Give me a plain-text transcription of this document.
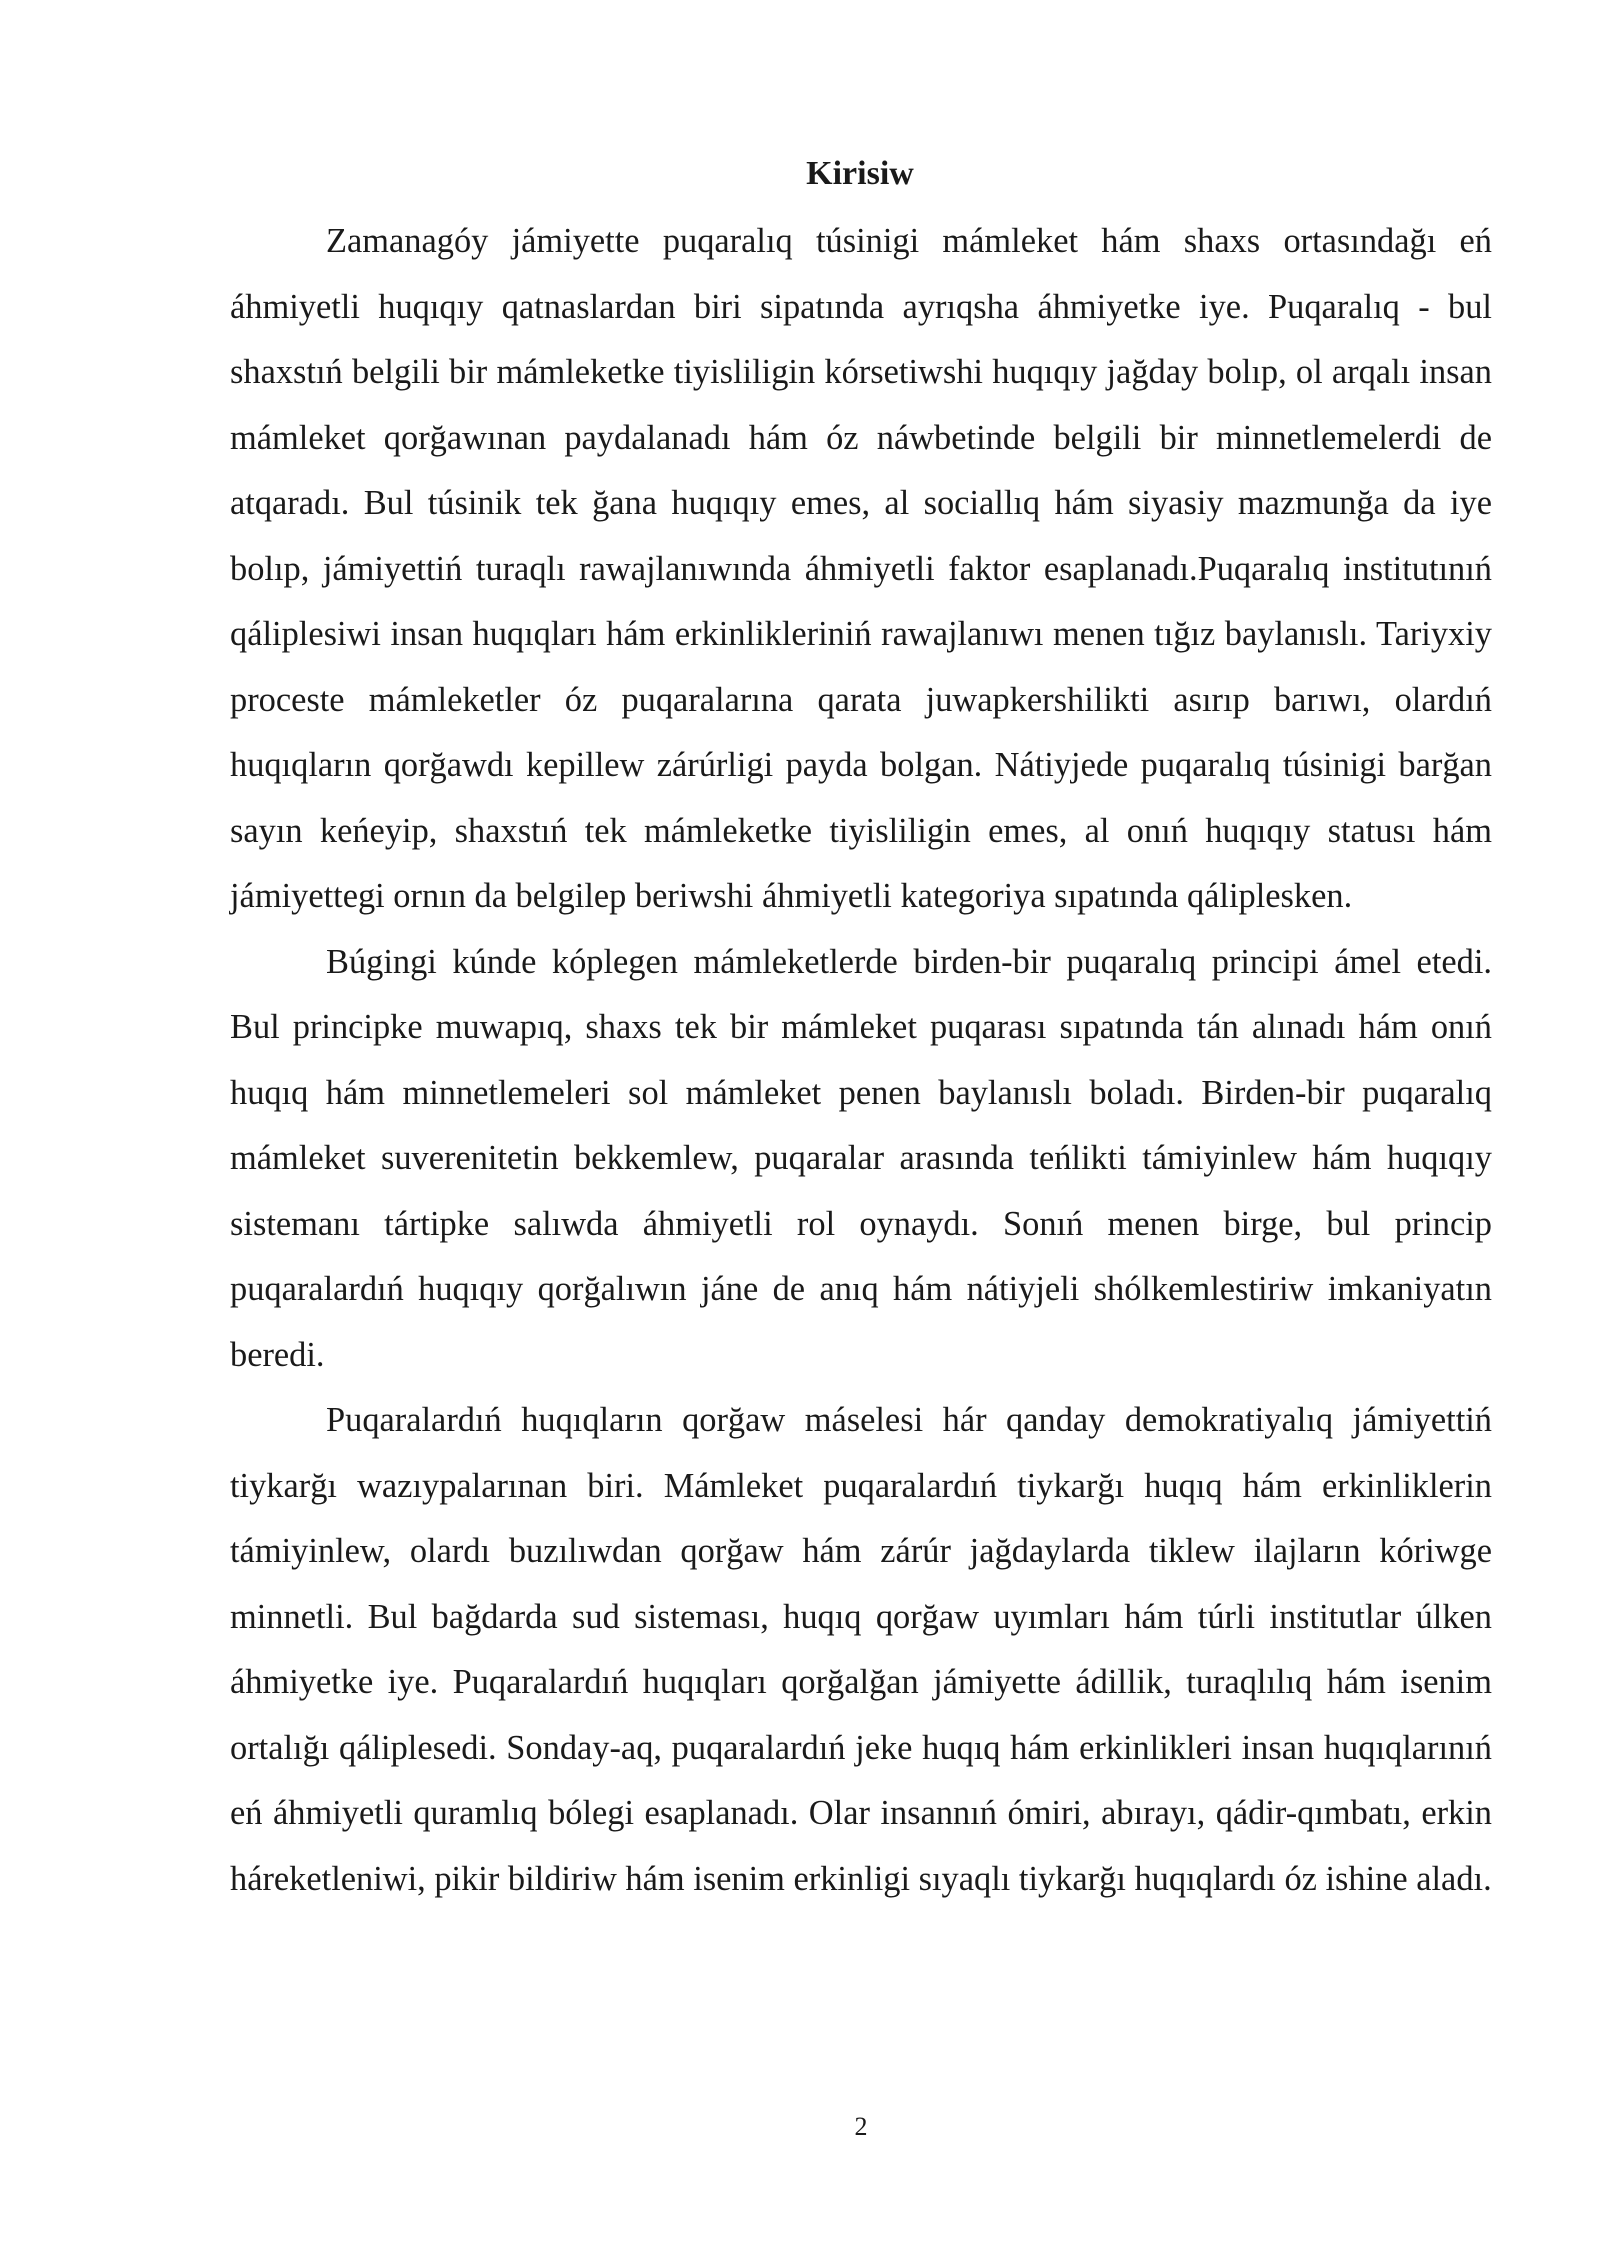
Kirisiw

Zamanagóy jámiyette puqaralıq túsinigi mámleket hám shaxs ortasındağı eń áhmiyetli huqıqıy qatnaslardan biri sipatında ayrıqsha áhmiyetke iye. Puqaralıq - bul shaxstıń belgili bir mámleketke tiyisliligin kórsetiwshi huqıqıy jağday bolıp, ol arqalı insan mámleket qorğawınan paydalanadı hám óz náwbetinde belgili bir minnetlemelerdi de atqaradı. Bul túsinik tek ğana huqıqıy emes, al sociallıq hám siyasiy mazmunğa da iye bolıp, jámiyettiń turaqlı rawajlanıwında áhmiyetli faktor esaplanadı.Puqaralıq institutınıń qáliplesiwi insan huqıqları hám erkinlikleriniń rawajlanıwı menen tığız baylanıslı. Tariyxiy proceste mámleketler óz puqaralarına qarata juwapkershilikti asırıp barıwı, olardıń huqıqların qorğawdı kepillew zárúrligi payda bolgan. Nátiyjede puqaralıq túsinigi barğan sayın keńeyip, shaxstıń tek mámleketke tiyisliligin emes, al onıń huqıqıy statusı hám jámiyettegi ornın da belgilep beriwshi áhmiyetli kategoriya sıpatında qáliplesken.

Búgingi kúnde kóplegen mámleketlerde birden-bir puqaralıq principi ámel etedi. Bul principke muwapıq, shaxs tek bir mámleket puqarası sıpatında tán alınadı hám onıń huqıq hám minnetlemeleri sol mámleket penen baylanıslı boladı. Birden-bir puqaralıq mámleket suverenitetin bekkemlew, puqaralar arasında teńlikti támiyinlew hám huqıqıy sistemanı tártipke salıwda áhmiyetli rol oynaydı. Sonıń menen birge, bul princip puqaralardıń huqıqıy qorğalıwın jáne de anıq hám nátiyjeli shólkemlestiriw imkaniyatın beredi.

Puqaralardıń huqıqların qorğaw máselesi hár qanday demokratiyalıq jámiyettiń tiykarğı wazıypalarınan biri. Mámleket puqaralardıń tiykarğı huqıq hám erkinliklerin támiyinlew, olardı buzılıwdan qorğaw hám zárúr jağdaylarda tiklew ilajların kóriwge minnetli. Bul bağdarda sud sisteması, huqıq qorğaw uyımları hám túrli institutlar úlken áhmiyetke iye. Puqaralardıń huqıqları qorğalğan jámiyette ádillik, turaqlılıq hám isenim ortalığı qáliplesedi. Sonday-aq, puqaralardıń jeke huqıq hám erkinlikleri insan huqıqlarınıń eń áhmiyetli quramlıq bólegi esaplanadı. Olar insannıń ómiri, abırayı, qádir-qımbatı, erkin háreketleniwi, pikir bildiriw hám isenim erkinligi sıyaqlı tiykarğı huqıqlardı óz ishine aladı.

2
